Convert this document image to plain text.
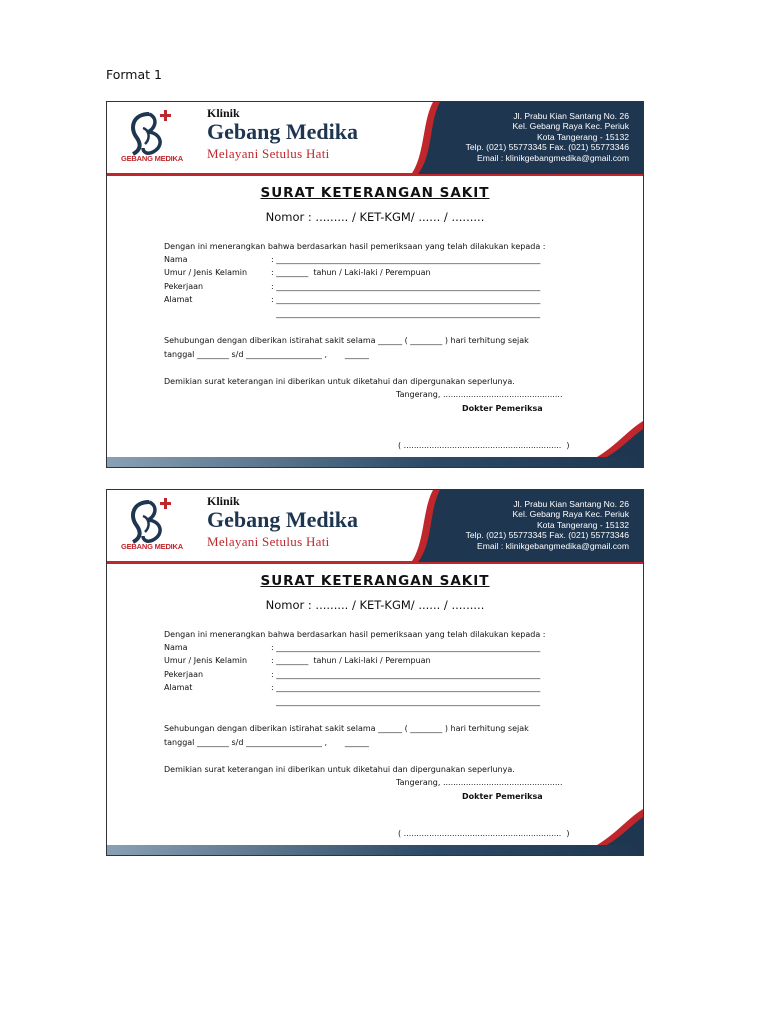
Format 1
GEBANG MEDIKA
Klinik
Gebang Medika
Melayani Setulus Hati
Jl. Prabu Kian Santang No. 26
Kel. Gebang Raya Kec. Periuk
Kota Tangerang - 15132
Telp. (021) 55773345 Fax. (021) 55773346
Email : klinikgebangmedika@gmail.com
SURAT KETERANGAN SAKIT
Nomor : ......... / KET-KGM/ ...... / .........
Dengan ini menerangkan bahwa berdasarkan hasil pemeriksaan yang telah dilakukan kepada :
Nama	: __________________________________________________________________
Umur / Jenis Kelamin	: ________  tahun / Laki-laki / Perempuan
Pekerjaan	: __________________________________________________________________
Alamat	: __________________________________________________________________
__________________________________________________________________
Sehubungan dengan diberikan istirahat sakit selama ______ ( ________ ) hari terhitung sejak
tanggal ________ s/d ___________________ ,       ______
Demikian surat keterangan ini diberikan untuk diketahui dan dipergunakan seperlunya.
Tangerang, ...............................................
Dokter Pemeriksa
( ..............................................................  )
GEBANG MEDIKA
Klinik
Gebang Medika
Melayani Setulus Hati
Jl. Prabu Kian Santang No. 26
Kel. Gebang Raya Kec. Periuk
Kota Tangerang - 15132
Telp. (021) 55773345 Fax. (021) 55773346
Email : klinikgebangmedika@gmail.com
SURAT KETERANGAN SAKIT
Nomor : ......... / KET-KGM/ ...... / .........
Dengan ini menerangkan bahwa berdasarkan hasil pemeriksaan yang telah dilakukan kepada :
Nama	: __________________________________________________________________
Umur / Jenis Kelamin	: ________  tahun / Laki-laki / Perempuan
Pekerjaan	: __________________________________________________________________
Alamat	: __________________________________________________________________
__________________________________________________________________
Sehubungan dengan diberikan istirahat sakit selama ______ ( ________ ) hari terhitung sejak
tanggal ________ s/d ___________________ ,       ______
Demikian surat keterangan ini diberikan untuk diketahui dan dipergunakan seperlunya.
Tangerang, ...............................................
Dokter Pemeriksa
( ..............................................................  )
